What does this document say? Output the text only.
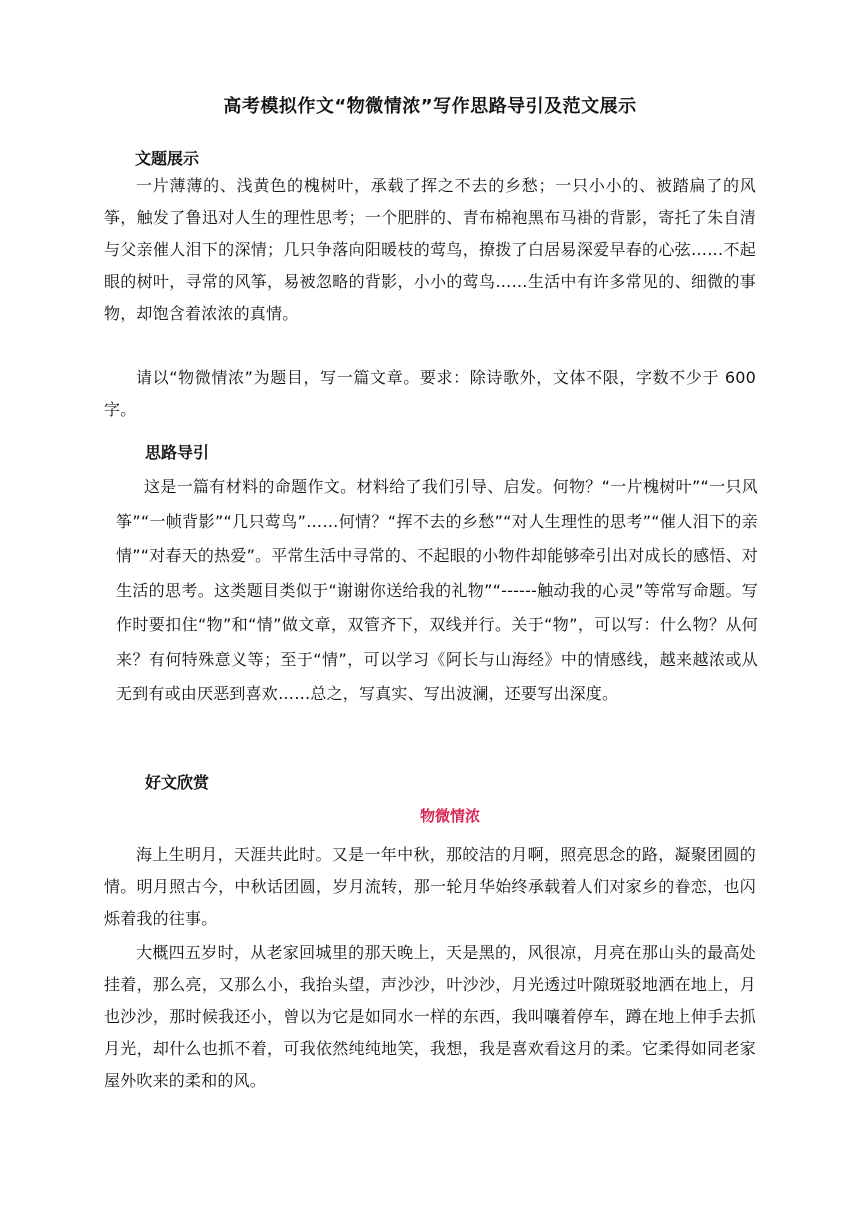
高考模拟作文“物微情浓”写作思路导引及范文展示
文题展示
一片薄薄的、浅黄色的槐树叶，承载了挥之不去的乡愁；一只小小的、被踏扁了的风筝，触发了鲁迅对人生的理性思考；一个肥胖的、青布棉袍黑布马褂的背影，寄托了朱自清与父亲催人泪下的深情；几只争落向阳暖枝的莺鸟，撩拨了白居易深爱早春的心弦……不起眼的树叶，寻常的风筝，易被忽略的背影，小小的莺鸟……生活中有许多常见的、细微的事物，却饱含着浓浓的真情。
请以“物微情浓”为题目，写一篇文章。要求：除诗歌外，文体不限，字数不少于 600字。
思路导引
这是一篇有材料的命题作文。材料给了我们引导、启发。何物？“一片槐树叶”“一只风筝”“一帧背影”“几只莺鸟”……何情？“挥不去的乡愁”“对人生理性的思考”“催人泪下的亲情”“对春天的热爱”。平常生活中寻常的、不起眼的小物件却能够牵引出对成长的感悟、对生活的思考。这类题目类似于“谢谢你送给我的礼物”“------触动我的心灵”等常写命题。写作时要扣住“物”和“情”做文章，双管齐下，双线并行。关于“物”，可以写：什么物？从何来？有何特殊意义等；至于“情”，可以学习《阿长与山海经》中的情感线，越来越浓或从无到有或由厌恶到喜欢……总之，写真实、写出波澜，还要写出深度。
好文欣赏
物微情浓
海上生明月，天涯共此时。又是一年中秋，那皎洁的月啊，照亮思念的路，凝聚团圆的情。明月照古今，中秋话团圆，岁月流转，那一轮月华始终承载着人们对家乡的眷恋，也闪烁着我的往事。
大概四五岁时，从老家回城里的那天晚上，天是黑的，风很凉，月亮在那山头的最高处挂着，那么亮，又那么小，我抬头望，声沙沙，叶沙沙，月光透过叶隙斑驳地洒在地上，月也沙沙，那时候我还小，曾以为它是如同水一样的东西，我叫嚷着停车，蹲在地上伸手去抓月光，却什么也抓不着，可我依然纯纯地笑，我想，我是喜欢看这月的柔。它柔得如同老家屋外吹来的柔和的风。
